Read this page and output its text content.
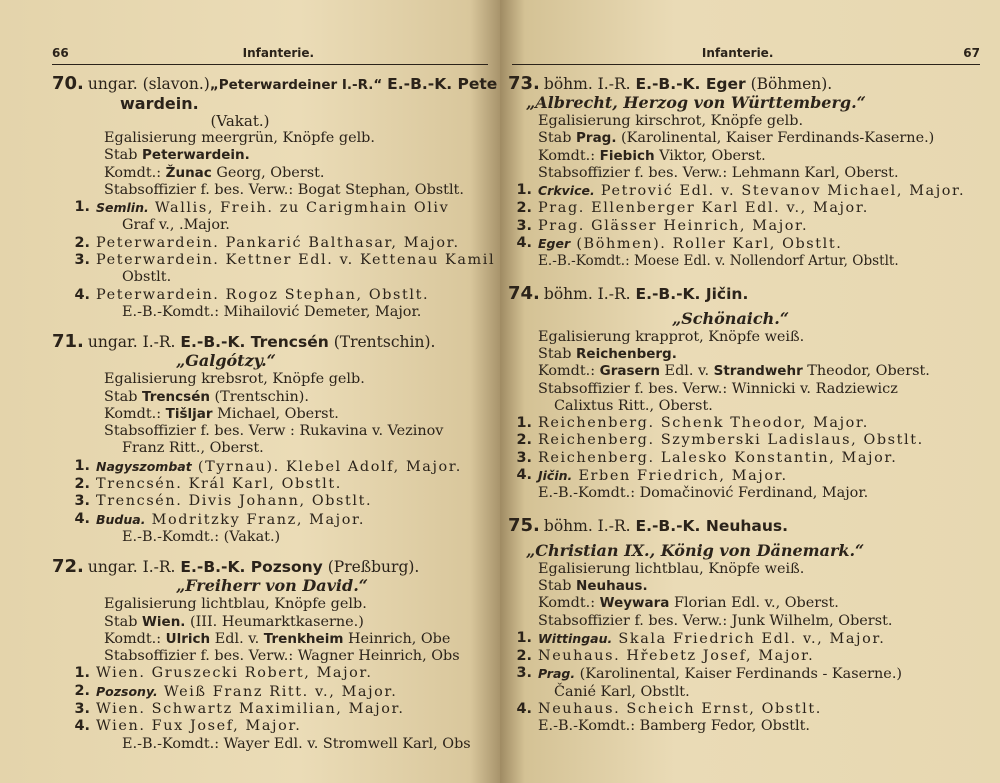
66	Infanterie.
70. ungar. (slavon.)„Peterwardeiner I.-R.“ E.-B.-K. Pete
wardein.
(Vakat.)
Egalisierung meergrün, Knöpfe gelb.
Stab Peterwardein.
Komdt.: Žunac Georg, Oberst.
Stabsoffizier f. bes. Verw.: Bogat Stephan, Obstlt.
1. Semlin. Wallis, Freih. zu Carigmhain Oliv
Graf v., .Major.
2. Peterwardein. Pankarić Balthasar, Major.
3. Peterwardein. Kettner Edl. v. Kettenau Kamil
Obstlt.
4. Peterwardein. Rogoz Stephan, Obstlt.
E.-B.-Komdt.: Mihailović Demeter, Major.
71. ungar. I.-R. E.-B.-K. Trencsén (Trentschin).
„Galgótzy.“
Egalisierung krebsrot, Knöpfe gelb.
Stab Trencsén (Trentschin).
Komdt.: Tišljar Michael, Oberst.
Stabsoffizier f. bes. Verw : Rukavina v. Vezinov
Franz Ritt., Oberst.
1. Nagyszombat (Tyrnau). Klebel Adolf, Major.
2. Trencsén. Král Karl, Obstlt.
3. Trencsén. Divis Johann, Obstlt.
4. Budua. Modritzky Franz, Major.
E.-B.-Komdt.: (Vakat.)
72. ungar. I.-R. E.-B.-K. Pozsony (Preßburg).
„Freiherr von David.“
Egalisierung lichtblau, Knöpfe gelb.
Stab Wien. (III. Heumarktkaserne.)
Komdt.: Ulrich Edl. v. Trenkheim Heinrich, Obe
Stabsoffizier f. bes. Verw.: Wagner Heinrich, Obs
1. Wien. Gruszecki Robert, Major.
2. Pozsony. Weiß Franz Ritt. v., Major.
3. Wien. Schwartz Maximilian, Major.
4. Wien. Fux Josef, Major.
E.-B.-Komdt.: Wayer Edl. v. Stromwell Karl, Obs
Infanterie.	67
73. böhm. I.-R. E.-B.-K. Eger (Böhmen).
„Albrecht, Herzog von Württemberg.“
Egalisierung kirschrot, Knöpfe gelb.
Stab Prag. (Karolinental, Kaiser Ferdinands-Kaserne.)
Komdt.: Fiebich Viktor, Oberst.
Stabsoffizier f. bes. Verw.: Lehmann Karl, Oberst.
1. Crkvice. Petrović Edl. v. Stevanov Michael, Major.
2. Prag. Ellenberger Karl Edl. v., Major.
3. Prag. Glässer Heinrich, Major.
4. Eger (Böhmen). Roller Karl, Obstlt.
E.-B.-Komdt.: Moese Edl. v. Nollendorf Artur, Obstlt.
74. böhm. I.-R. E.-B.-K. Jičin.
„Schönaich.“
Egalisierung krapprot, Knöpfe weiß.
Stab Reichenberg.
Komdt.: Grasern Edl. v. Strandwehr Theodor, Oberst.
Stabsoffizier f. bes. Verw.: Winnicki v. Radziewicz
Calixtus Ritt., Oberst.
1. Reichenberg. Schenk Theodor, Major.
2. Reichenberg. Szymberski Ladislaus, Obstlt.
3. Reichenberg. Lalesko Konstantin, Major.
4. Jičin. Erben Friedrich, Major.
E.-B.-Komdt.: Domačinović Ferdinand, Major.
75. böhm. I.-R. E.-B.-K. Neuhaus.
„Christian IX., König von Dänemark.“
Egalisierung lichtblau, Knöpfe weiß.
Stab Neuhaus.
Komdt.: Weywara Florian Edl. v., Oberst.
Stabsoffizier f. bes. Verw.: Junk Wilhelm, Oberst.
1. Wittingau. Skala Friedrich Edl. v., Major.
2. Neuhaus. Hřebetz Josef, Major.
3. Prag. (Karolinental, Kaiser Ferdinands - Kaserne.)
Čanié Karl, Obstlt.
4. Neuhaus. Scheich Ernst, Obstlt.
E.-B.-Komdt.: Bamberg Fedor, Obstlt.
